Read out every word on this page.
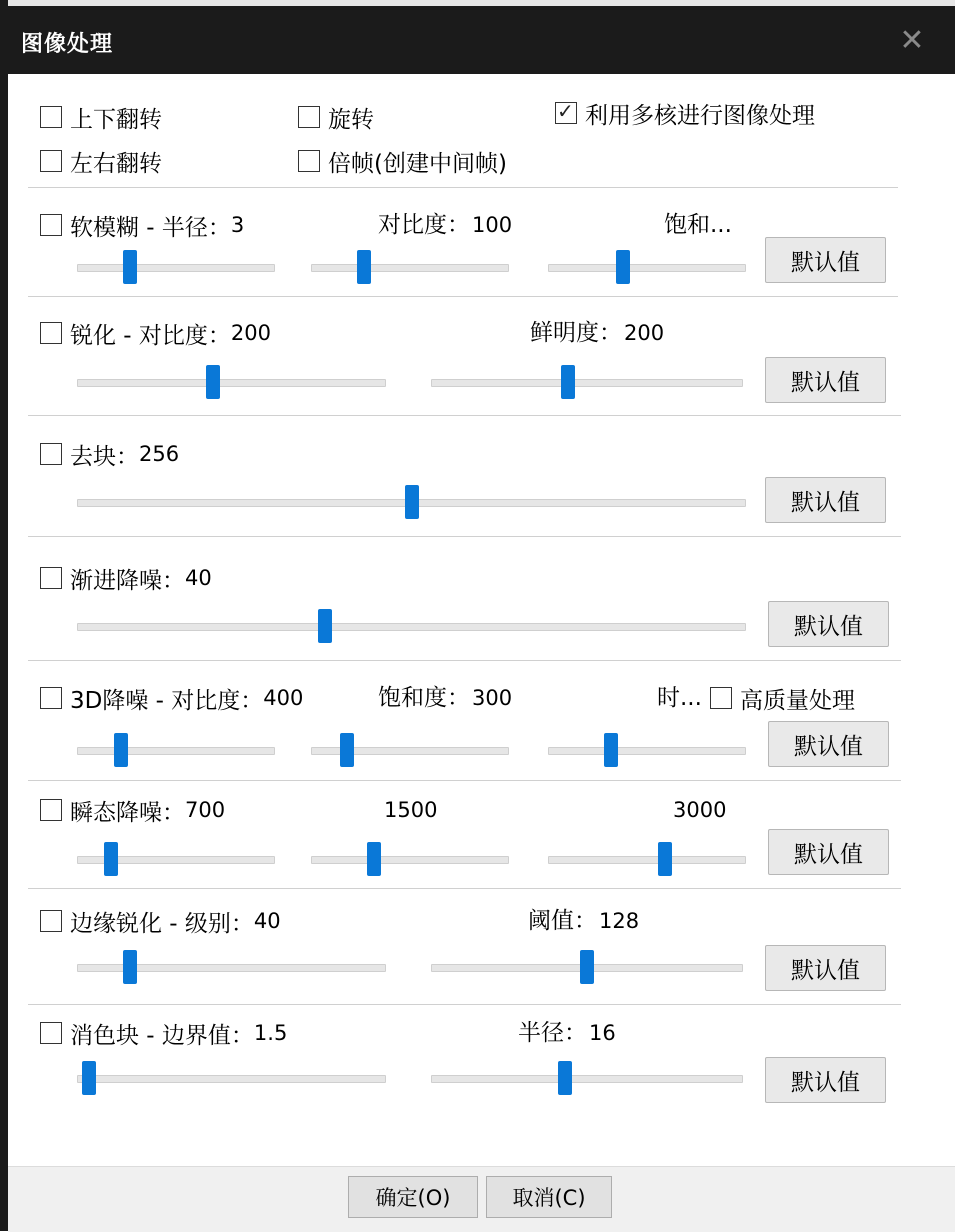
图像处理	✕
上下翻转	旋转
✓	利用多核进行图像处理
左右翻转	倍帧(创建中间帧)
软模糊 - 半径： 3	对比度：100	饱和...
默认值
锐化 - 对比度： 200	鲜明度：200
默认值
去块： 256
默认值
渐进降噪： 40
默认值
3D降噪 - 对比度： 400	饱和度：300	时... 高质量处理
默认值
瞬态降噪： 700	1500	3000
默认值
边缘锐化 - 级别： 40	阈值：128
默认值
消色块 - 边界值： 1.5	半径：16
默认值
确定(O)	取消(C)
